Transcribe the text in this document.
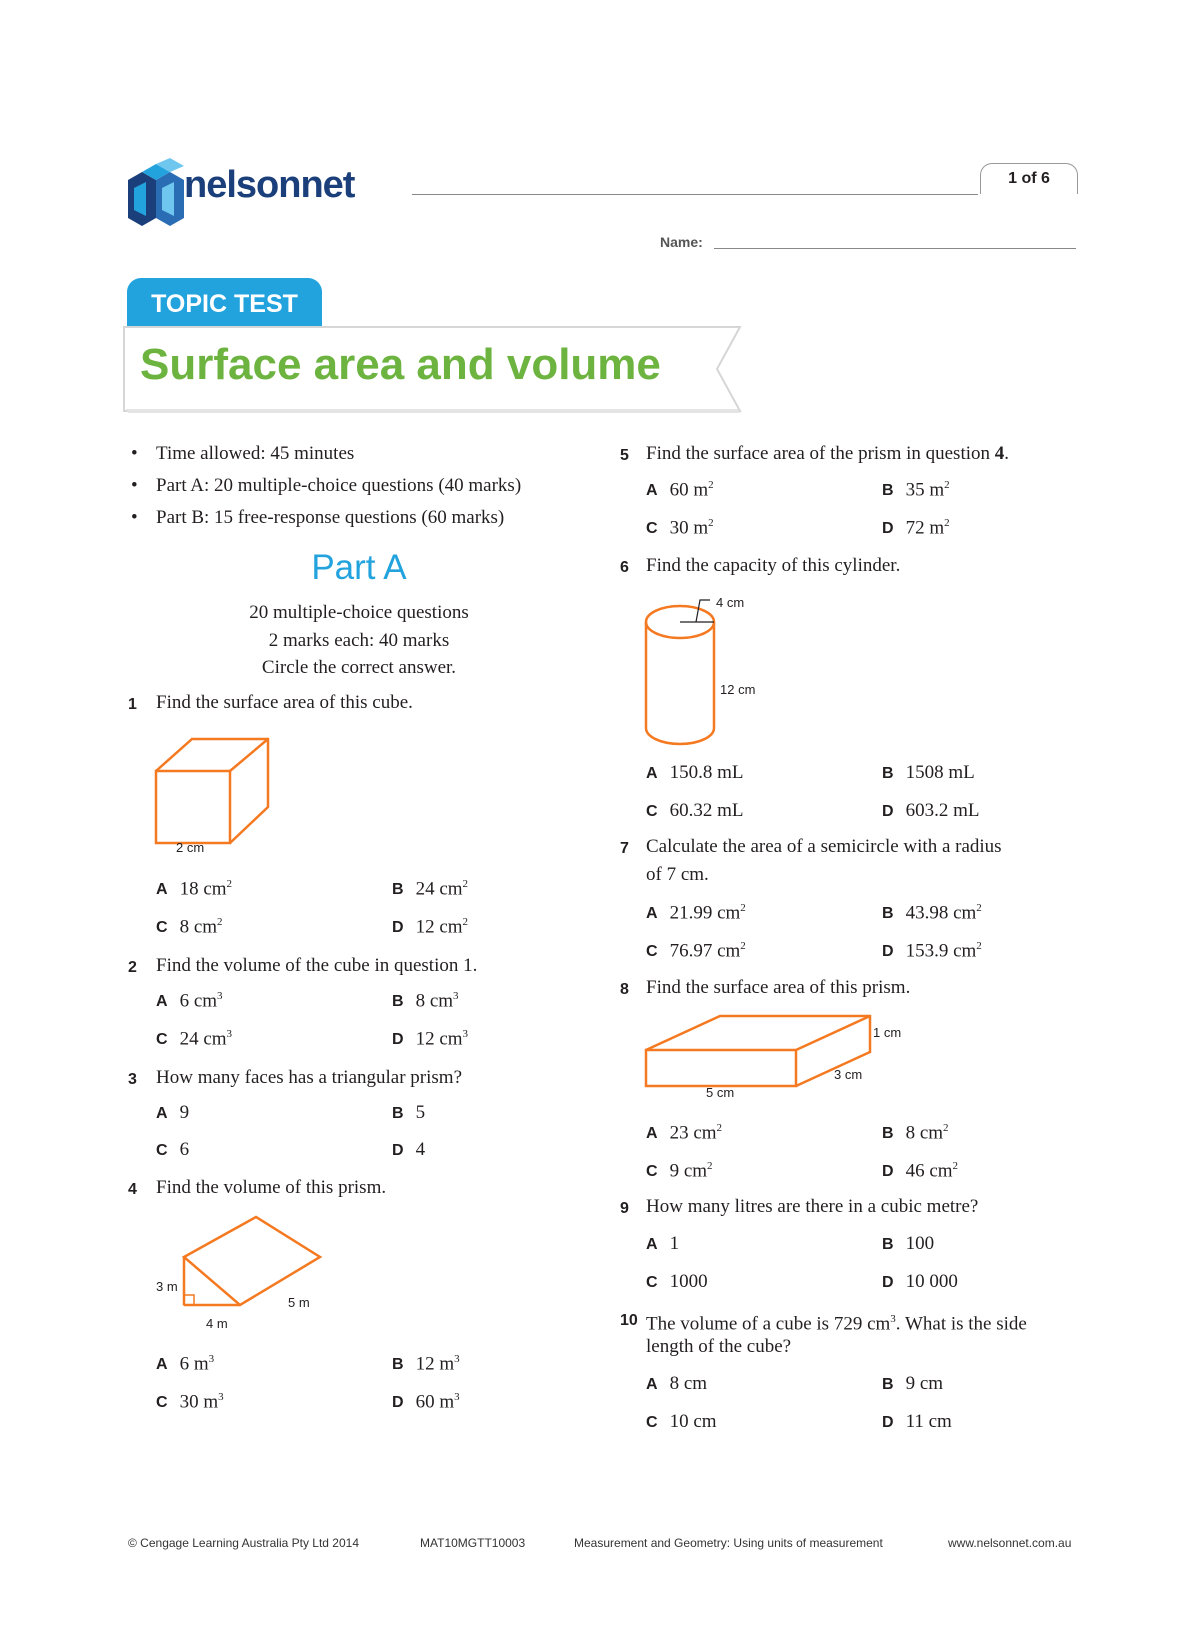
nelsonnet	1 of 6
Name:
TOPIC TEST
Surface area and volume
• Time allowed: 45 minutes
• Part A: 20 multiple-choice questions (40 marks)
• Part B: 15 free-response questions (60 marks)
Part A
20 multiple-choice questions
2 marks each: 40 marks
Circle the correct answer.
1 Find the surface area of this cube.
2 cm
A 18 $cm^2$	B 24 $cm^2$
C 8 $cm^2$	D 12 $cm^2$
2 Find the volume of the cube in question 1.
A 6 $cm^3$	B 8 $cm^3$
C 24 $cm^3$	D 12 $cm^3$
3 How many faces has a triangular prism?
A 9	B 5
C 6	D 4
4 Find the volume of this prism.
3 m
4 m
5 m
A 6 $m^3$	B 12 $m^3$
C 30 $m^3$	D 60 $m^3$
5 Find the surface area of the prism in question 4.
A 60 $m^2$	B 35 $m^2$
C 30 $m^2$	D 72 $m^2$
6 Find the capacity of this cylinder.
4 cm
12 cm
A 150.8 mL	B 1508 mL
C 60.32 mL	D 603.2 mL
7 Calculate the area of a semicircle with a radius
of 7 cm.
A 21.99 $cm^2$	B 43.98 $cm^2$
C 76.97 $cm^2$	D 153.9 $cm^2$
8 Find the surface area of this prism.
1 cm
3 cm
5 cm
A 23 $cm^2$	B 8 $cm^2$
C 9 $cm^2$	D 46 $cm^2$
9 How many litres are there in a cubic metre?
A 1	B 100
C 1000	D 10 000
10 The volume of a cube is 729 $cm^3$. What is the side
length of the cube?
A 8 cm	B 9 cm
C 10 cm	D 11 cm
© Cengage Learning Australia Pty Ltd 2014	MAT10MGTT10003	Measurement and Geometry: Using units of measurement	www.nelsonnet.com.au
